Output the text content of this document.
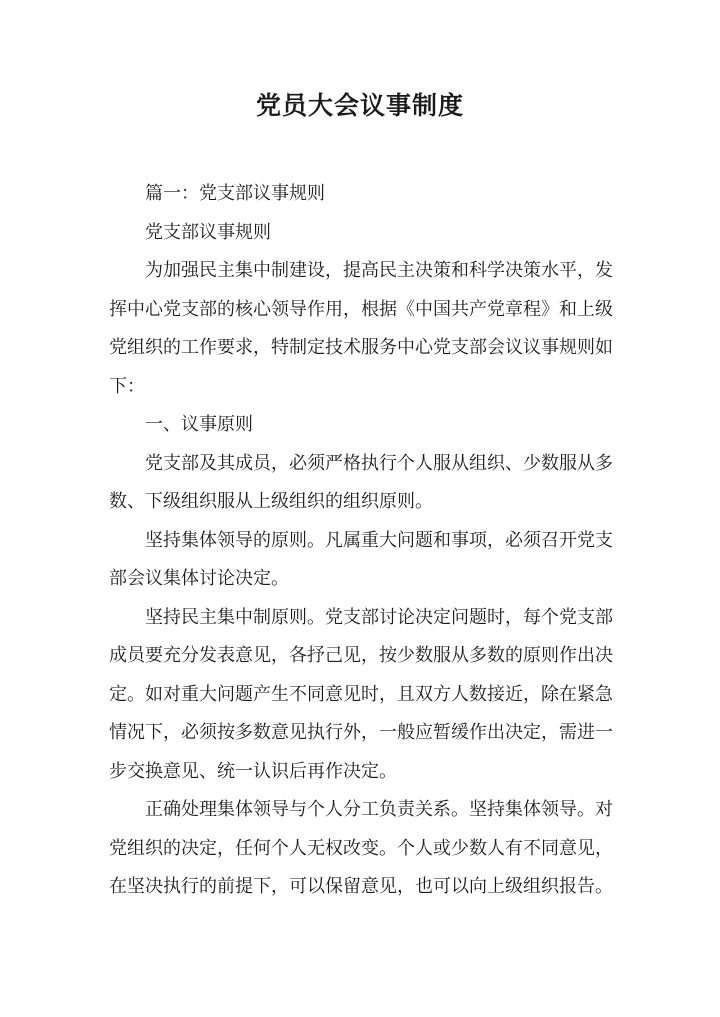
党员大会议事制度

篇一：党支部议事规则

党支部议事规则

为加强民主集中制建设，提高民主决策和科学决策水平，发挥中心党支部的核心领导作用，根据《中国共产党章程》和上级党组织的工作要求，特制定技术服务中心党支部会议议事规则如下：

一、议事原则

党支部及其成员，必须严格执行个人服从组织、少数服从多数、下级组织服从上级组织的组织原则。

坚持集体领导的原则。凡属重大问题和事项，必须召开党支部会议集体讨论决定。

坚持民主集中制原则。党支部讨论决定问题时，每个党支部成员要充分发表意见，各抒己见，按少数服从多数的原则作出决定。如对重大问题产生不同意见时，且双方人数接近，除在紧急情况下，必须按多数意见执行外，一般应暂缓作出决定，需进一步交换意见、统一认识后再作决定。

正确处理集体领导与个人分工负责关系。坚持集体领导。对党组织的决定，任何个人无权改变。个人或少数人有不同意见，在坚决执行的前提下，可以保留意见，也可以向上级组织报告。
